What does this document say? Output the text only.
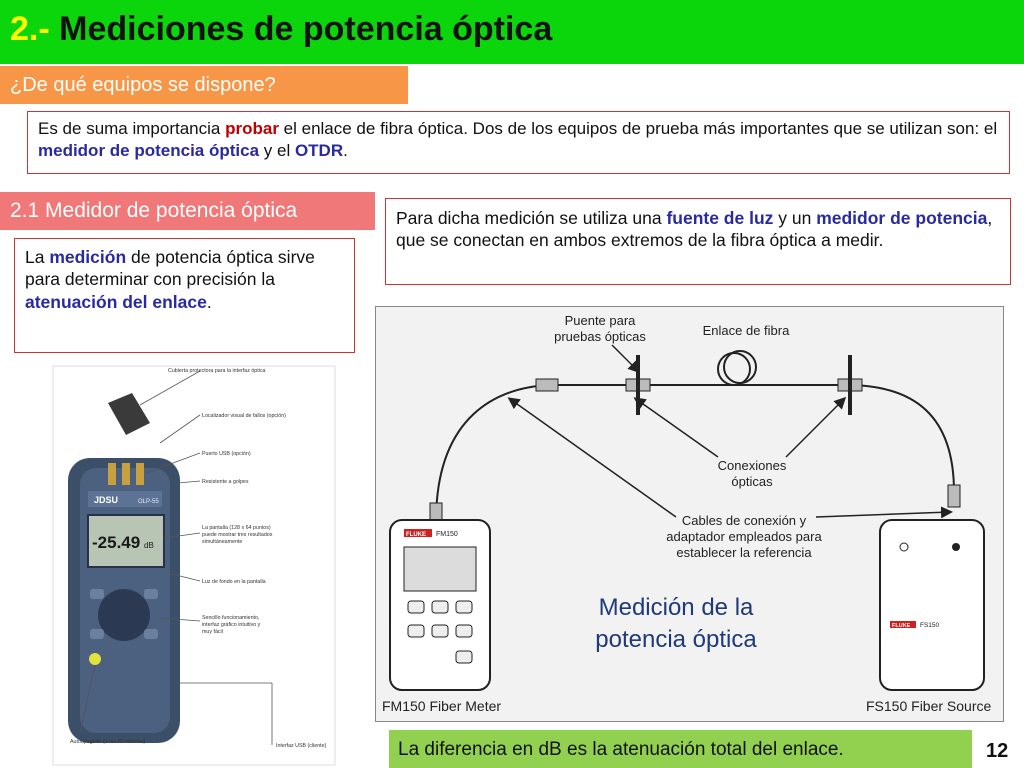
2.- Mediciones de potencia óptica
¿De qué equipos se dispone?
Es de suma importancia probar el enlace de fibra óptica. Dos de los equipos de prueba más importantes que se utilizan son: el medidor de potencia óptica y el OTDR.
2.1 Medidor de potencia óptica
La medición de potencia óptica sirve para determinar con precisión la atenuación del enlace.
Para dicha medición se utiliza una fuente de luz y un medidor de potencia, que se conectan en ambos extremos de la fibra óptica a medir.
JDSU	OLP-55
-25.49 dB
Cubierta protectora para la interfaz óptica
Localizador visual de fallos (opción)
Puerto USB (opción)
Resistente a golpes
La pantalla (128 x 64 puntos)
puede mostrar tres resultados
simultáneamente
Luz de fondo en la pantalla
Sencillo funcionamiento,
interfaz gráfico intuitivo y
muy fácil
Autoapagado (a los 20 minutos)
Interfaz USB (cliente)
Puente para
pruebas ópticas	Enlace de fibra
Conexiones
ópticas
Cables de conexión y
adaptador empleados para
establecer la referencia
Medición de la
potencia óptica
FLUKE FM150
FLUKE FS150
FM150 Fiber Meter	FS150 Fiber Source
La diferencia en dB es la atenuación total del enlace.	12
